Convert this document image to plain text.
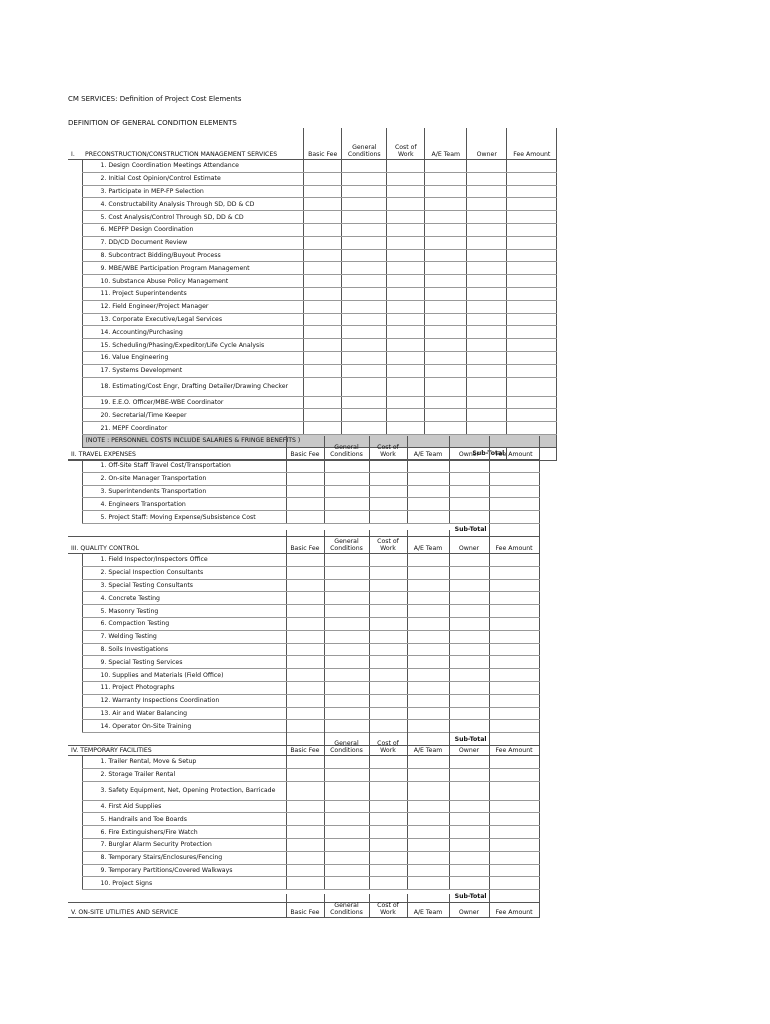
CM SERVICES: Definition of Project Cost Elements
DEFINITION OF GENERAL CONDITION ELEMENTS
I.	PRECONSTRUCTION/CONSTRUCTION MANAGEMENT SERVICES	Basic Fee	General Conditions	Cost of Work	A/E Team	Owner	Fee Amount
	1. Design Coordination Meetings Attendance						
	2. Initial Cost Opinion/Control Estimate						
	3. Participate in MEP-FP Selection						
	4. Constructability Analysis Through SD, DD & CD						
	5. Cost Analysis/Control Through SD, DD & CD						
	6. MEPFP Design Coordination						
	7. DD/CD Document Review						
	8. Subcontract Bidding/Buyout Process						
	9. MBE/WBE Participation Program Management						
	10. Substance Abuse Policy Management						
	11. Project Superintendents						
	12. Field Engineer/Project Manager						
	13. Corporate Executive/Legal Services						
	14. Accounting/Purchasing						
	15. Scheduling/Phasing/Expeditor/Life Cycle Analysis						
	16. Value Engineering						
	17. Systems Development						
	18. Estimating/Cost Engr, Drafting Detailer/Drawing Checker						
	19. E.E.O. Officer/MBE-WBE Coordinator						
	20. Secretarial/Time Keeper						
	21. MEPF Coordinator						
	(NOTE : PERSONNEL COSTS INCLUDE SALARIES & FRINGE BENEFITS )						
						Sub-Total	
II. TRAVEL EXPENSES		Basic Fee	General Conditions	Cost of Work	A/E Team	Owner	Fee Amount
	1. Off-Site Staff Travel Cost/Transportation						
	2. On-site Manager Transportation						
	3. Superintendents Transportation						
	4. Engineers Transportation						
	5. Project Staff: Moving Expense/Subsistence Cost						
						Sub-Total	
III. QUALITY CONTROL		Basic Fee	General Conditions	Cost of Work	A/E Team	Owner	Fee Amount
	1. Field Inspector/Inspectors Office						
	2. Special Inspection Consultants						
	3. Special Testing Consultants						
	4. Concrete Testing						
	5. Masonry Testing						
	6. Compaction Testing						
	7. Welding Testing						
	8. Soils Investigations						
	9. Special Testing Services						
	10. Supplies and Materials (Field Office)						
	11. Project Photographs						
	12. Warranty Inspections Coordination						
	13. Air and Water Balancing						
	14. Operator On-Site Training						
						Sub-Total	
IV. TEMPORARY FACILITIES		Basic Fee	General Conditions	Cost of Work	A/E Team	Owner	Fee Amount
	1. Trailer Rental, Move & Setup						
	2. Storage Trailer Rental						
	3. Safety Equipment, Net, Opening Protection, Barricade						
	4. First Aid Supplies						
	5. Handrails and Toe Boards						
	6. Fire Extinguishers/Fire Watch						
	7. Burglar Alarm Security Protection						
	8. Temporary Stairs/Enclosures/Fencing						
	9. Temporary Partitions/Covered Walkways						
	10. Project Signs						
						Sub-Total	
V. ON-SITE UTILITIES AND SERVICE	Basic Fee	General Conditions	Cost of Work	A/E Team	Owner	Fee Amount
